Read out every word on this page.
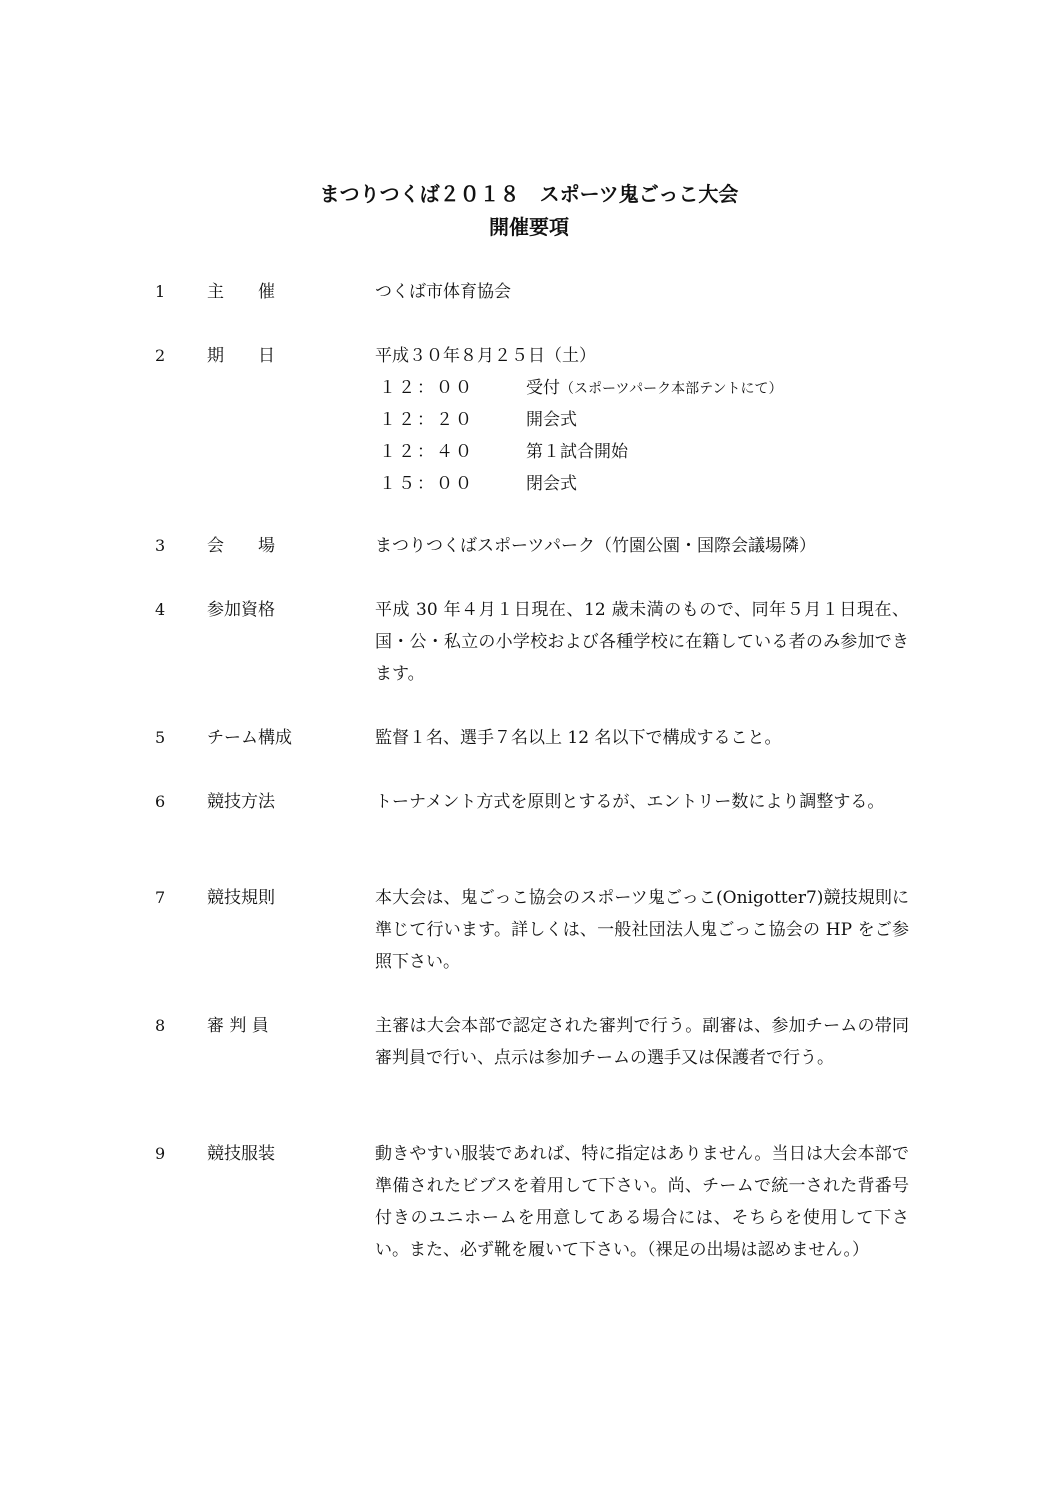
まつりつくば２０１８　スポーツ鬼ごっこ大会
開催要項
1 主　　催	つくば市体育協会

2 期　　日	平成３０年８月２５日（土）

１２：００	受付（スポーツパーク本部テントにて）
１２：２０	開会式
１２：４０	第１試合開始
１５：００	閉会式
3 会　　場	まつりつくばスポーツパーク（竹園公園・国際会議場隣）

4 参加資格	平成 30 年４月１日現在、12 歳未満のもので、同年５月１日現在、国・公・私立の小学校および各種学校に在籍している者のみ参加できます。

5 チーム構成	監督１名、選手７名以上 12 名以下で構成すること。

6 競技方法	トーナメント方式を原則とするが、エントリー数により調整する。

7 競技規則	本大会は、鬼ごっこ協会のスポーツ鬼ごっこ(Onigotter7)競技規則に準じて行います。詳しくは、一般社団法人鬼ごっこ協会の HP をご参照下さい。

8 審 判 員	主審は大会本部で認定された審判で行う。副審は、参加チームの帯同審判員で行い、点示は参加チームの選手又は保護者で行う。

9 競技服装	動きやすい服装であれば、特に指定はありません。当日は大会本部で準備されたビブスを着用して下さい。尚、チームで統一された背番号付きのユニホームを用意してある場合には、そちらを使用して下さい。また、必ず靴を履いて下さい。（裸足の出場は認めません。）
